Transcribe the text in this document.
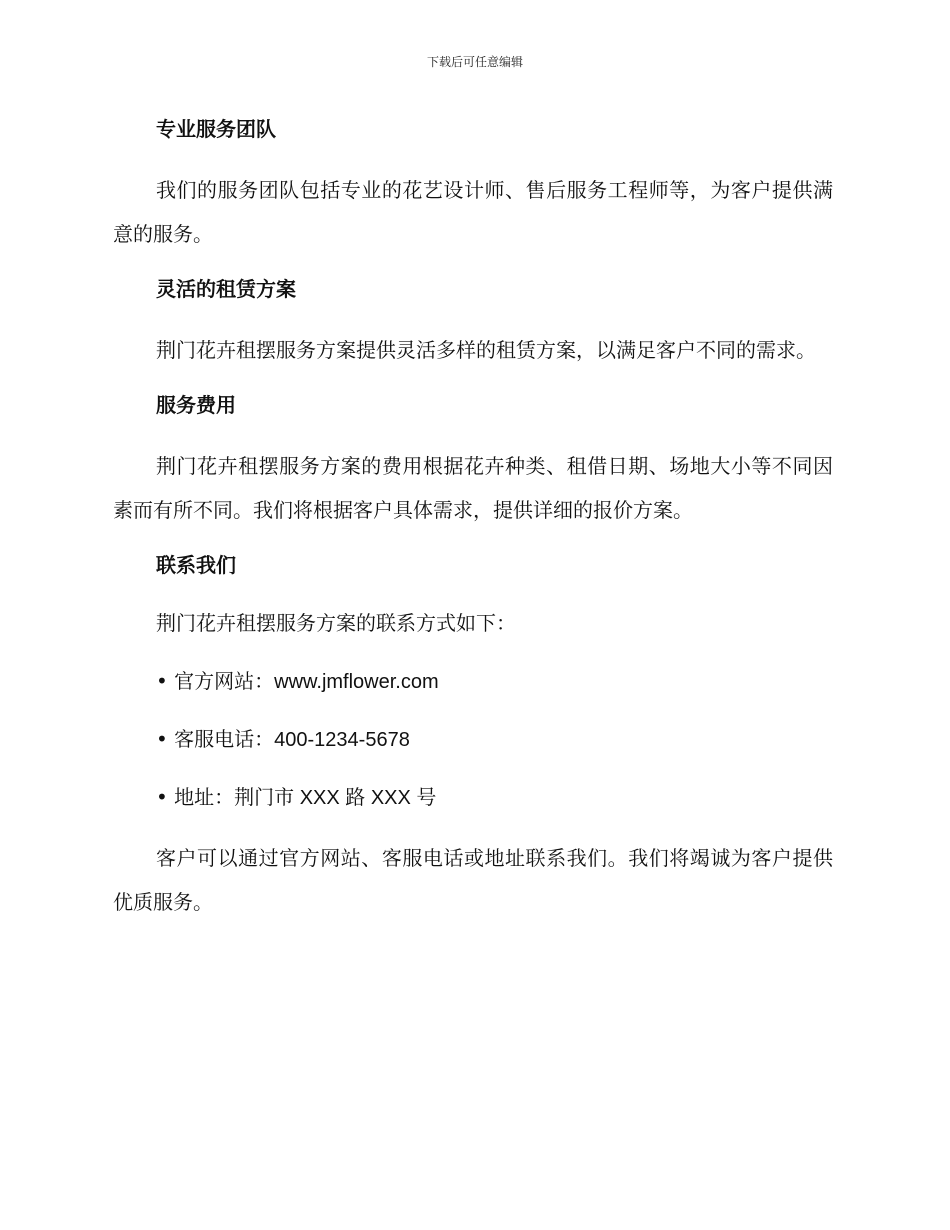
下载后可任意编辑
专业服务团队

我们的服务团队包括专业的花艺设计师、售后服务工程师等，为客户提供满意的服务。

灵活的租赁方案

荆门花卉租摆服务方案提供灵活多样的租赁方案，以满足客户不同的需求。

服务费用

荆门花卉租摆服务方案的费用根据花卉种类、租借日期、场地大小等不同因素而有所不同。我们将根据客户具体需求，提供详细的报价方案。

联系我们

荆门花卉租摆服务方案的联系方式如下：

• 官方网站：www.jmflower.com

• 客服电话：400-1234-5678

• 地址：荆门市 XXX 路 XXX 号

客户可以通过官方网站、客服电话或地址联系我们。我们将竭诚为客户提供优质服务。
